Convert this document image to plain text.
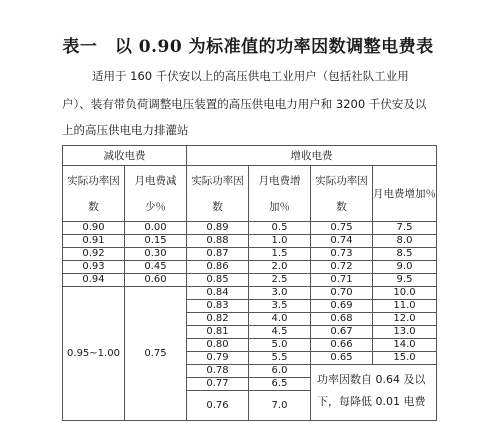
表一　以 0.90 为标准值的功率因数调整电费表
适用于 160 千伏安以上的高压供电工业用户（包括社队工业用
户）、装有带负荷调整电压装置的高压供电电力用户和 3200 千伏安及以
上的高压供电电力排灌站
减收电费		增收电费			
实际功率因数	月电费减少％	实际功率因数	月电费增加％	实际功率因数	月电费增加％
0.90	0.00	0.89	0.5	0.75	7.5
0.91	0.15	0.88	1.0	0.74	8.0
0.92	0.30	0.87	1.5	0.73	8.5
0.93	0.45	0.86	2.0	0.72	9.0
0.94	0.60	0.85	2.5	0.71	9.5
0.95~1.00	0.75	0.84	3.0	0.70	10.0
		0.83	3.5	0.69	11.0
		0.82	4.0	0.68	12.0
		0.81	4.5	0.67	13.0
		0.80	5.0	0.66	14.0
		0.79	5.5	0.65	15.0
		0.78	6.0	功率因数自 0.64 及以下，每降低 0.01 电费	
		0.77	6.5		
		0.76	7.0		
